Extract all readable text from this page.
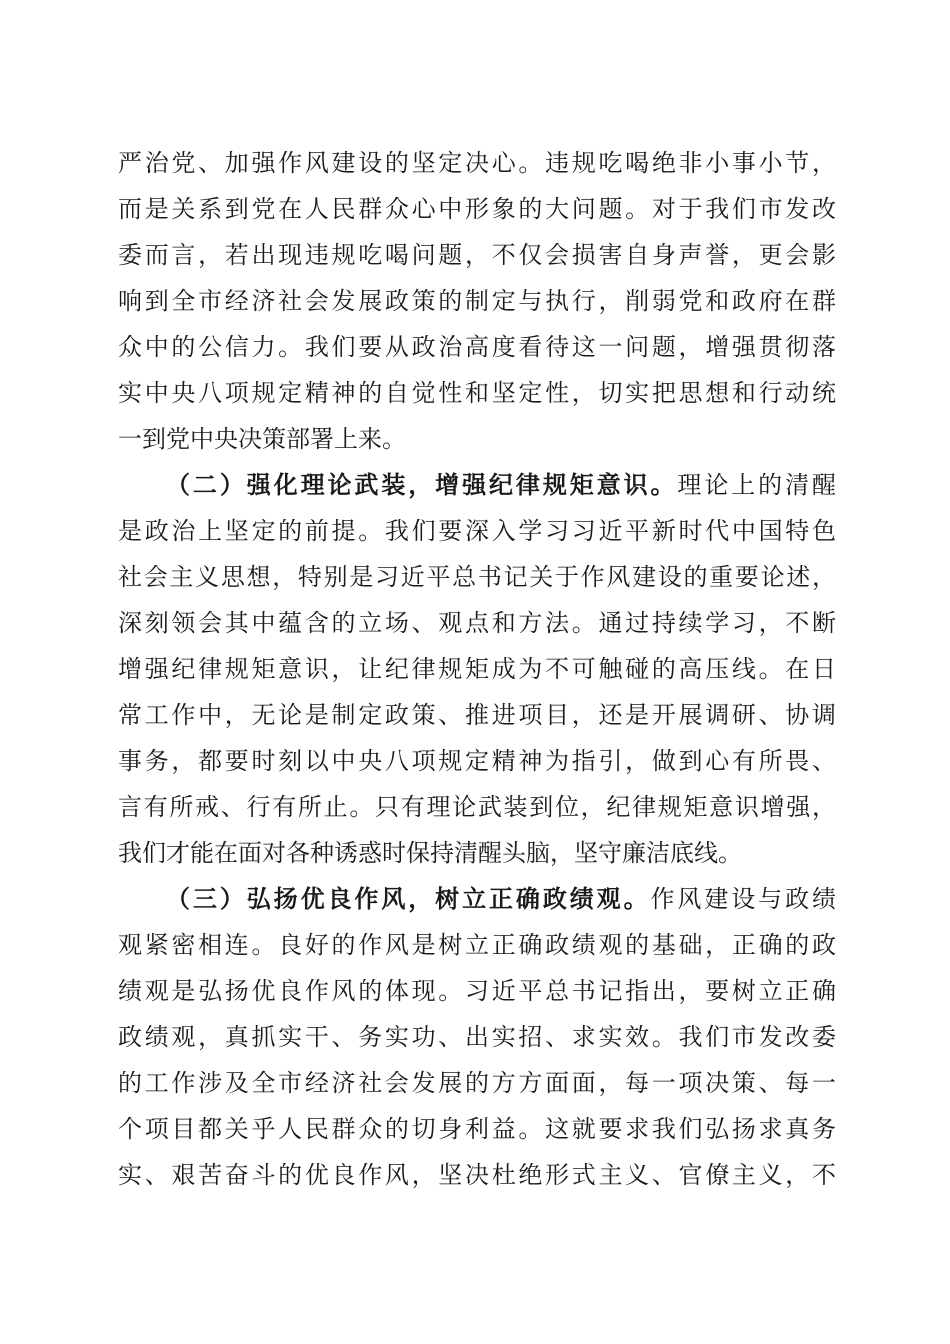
严治党、加强作风建设的坚定决心。违规吃喝绝非小事小节，
而是关系到党在人民群众心中形象的大问题。对于我们市发改
委而言，若出现违规吃喝问题，不仅会损害自身声誉，更会影
响到全市经济社会发展政策的制定与执行，削弱党和政府在群
众中的公信力。我们要从政治高度看待这一问题，增强贯彻落
实中央八项规定精神的自觉性和坚定性，切实把思想和行动统
一到党中央决策部署上来。
（二）强化理论武装，增强纪律规矩意识。理论上的清醒
是政治上坚定的前提。我们要深入学习习近平新时代中国特色
社会主义思想，特别是习近平总书记关于作风建设的重要论述，
深刻领会其中蕴含的立场、观点和方法。通过持续学习，不断
增强纪律规矩意识，让纪律规矩成为不可触碰的高压线。在日
常工作中，无论是制定政策、推进项目，还是开展调研、协调
事务，都要时刻以中央八项规定精神为指引，做到心有所畏、
言有所戒、行有所止。只有理论武装到位，纪律规矩意识增强，
我们才能在面对各种诱惑时保持清醒头脑，坚守廉洁底线。
（三）弘扬优良作风，树立正确政绩观。作风建设与政绩
观紧密相连。良好的作风是树立正确政绩观的基础，正确的政
绩观是弘扬优良作风的体现。习近平总书记指出，要树立正确
政绩观，真抓实干、务实功、出实招、求实效。我们市发改委
的工作涉及全市经济社会发展的方方面面，每一项决策、每一
个项目都关乎人民群众的切身利益。这就要求我们弘扬求真务
实、艰苦奋斗的优良作风，坚决杜绝形式主义、官僚主义，不
